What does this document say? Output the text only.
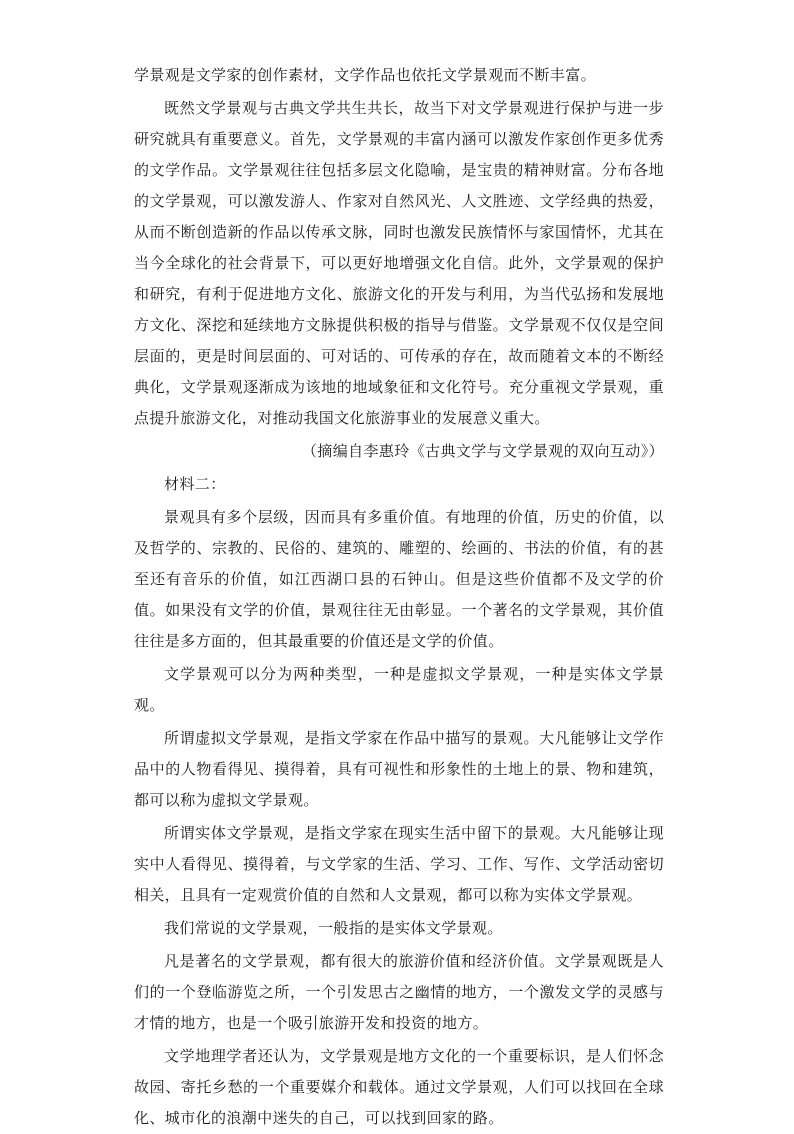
学景观是文学家的创作素材，文学作品也依托文学景观而不断丰富。

既然文学景观与古典文学共生共长，故当下对文学景观进行保护与进一步研究就具有重要意义。首先，文学景观的丰富内涵可以激发作家创作更多优秀的文学作品。文学景观往往包括多层文化隐喻，是宝贵的精神财富。分布各地的文学景观，可以激发游人、作家对自然风光、人文胜迹、文学经典的热爱，从而不断创造新的作品以传承文脉，同时也激发民族情怀与家国情怀，尤其在当今全球化的社会背景下，可以更好地增强文化自信。此外，文学景观的保护和研究，有利于促进地方文化、旅游文化的开发与利用，为当代弘扬和发展地方文化、深挖和延续地方文脉提供积极的指导与借鉴。文学景观不仅仅是空间层面的，更是时间层面的、可对话的、可传承的存在，故而随着文本的不断经典化，文学景观逐渐成为该地的地域象征和文化符号。充分重视文学景观，重点提升旅游文化，对推动我国文化旅游事业的发展意义重大。

（摘编自李惠玲《古典文学与文学景观的双向互动》）

材料二：

景观具有多个层级，因而具有多重价值。有地理的价值，历史的价值，以及哲学的、宗教的、民俗的、建筑的、雕塑的、绘画的、书法的价值，有的甚至还有音乐的价值，如江西湖口县的石钟山。但是这些价值都不及文学的价值。如果没有文学的价值，景观往往无由彰显。一个著名的文学景观，其价值往往是多方面的，但其最重要的价值还是文学的价值。

文学景观可以分为两种类型，一种是虚拟文学景观，一种是实体文学景观。

所谓虚拟文学景观，是指文学家在作品中描写的景观。大凡能够让文学作品中的人物看得见、摸得着，具有可视性和形象性的土地上的景、物和建筑，都可以称为虚拟文学景观。

所谓实体文学景观，是指文学家在现实生活中留下的景观。大凡能够让现实中人看得见、摸得着，与文学家的生活、学习、工作、写作、文学活动密切相关，且具有一定观赏价值的自然和人文景观，都可以称为实体文学景观。

我们常说的文学景观，一般指的是实体文学景观。

凡是著名的文学景观，都有很大的旅游价值和经济价值。文学景观既是人们的一个登临游览之所，一个引发思古之幽情的地方，一个激发文学的灵感与才情的地方，也是一个吸引旅游开发和投资的地方。

文学地理学者还认为，文学景观是地方文化的一个重要标识，是人们怀念故园、寄托乡愁的一个重要媒介和载体。通过文学景观，人们可以找回在全球化、城市化的浪潮中迷失的自己，可以找到回家的路。
